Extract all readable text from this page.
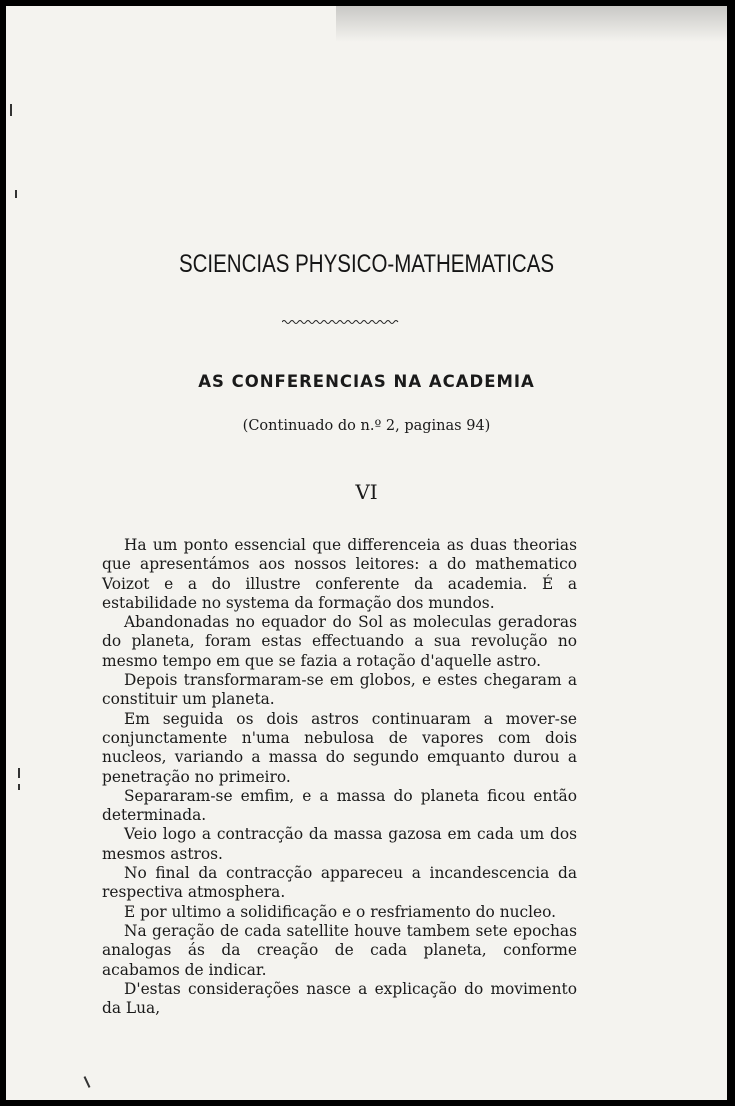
SCIENCIAS PHYSICO-MATHEMATICAS
AS CONFERENCIAS NA ACADEMIA
(Continuado do n.º 2, paginas 94)
VI

Ha um ponto essencial que differenceia as duas theorias que apresentámos aos nossos leitores: a do mathematico Voizot e a do illustre conferente da academia. É a estabilidade no systema da formação dos mundos.

Abandonadas no equador do Sol as moleculas geradoras do planeta, foram estas effectuando a sua revolução no mesmo tempo em que se fazia a rotação d'aquelle astro.

Depois transformaram-se em globos, e estes chegaram a constituir um planeta.

Em seguida os dois astros continuaram a mover-se conjunctamente n'uma nebulosa de vapores com dois nucleos, variando a massa do segundo emquanto durou a penetração no primeiro.

Separaram-se emfim, e a massa do planeta ficou então determinada.

Veio logo a contracção da massa gazosa em cada um dos mesmos astros.

No final da contracção appareceu a incandescencia da respectiva atmosphera.

E por ultimo a solidificação e o resfriamento do nucleo.

Na geração de cada satellite houve tambem sete epochas analogas ás da creação de cada planeta, conforme acabamos de indicar.

D'estas considerações nasce a explicação do movimento da Lua,
